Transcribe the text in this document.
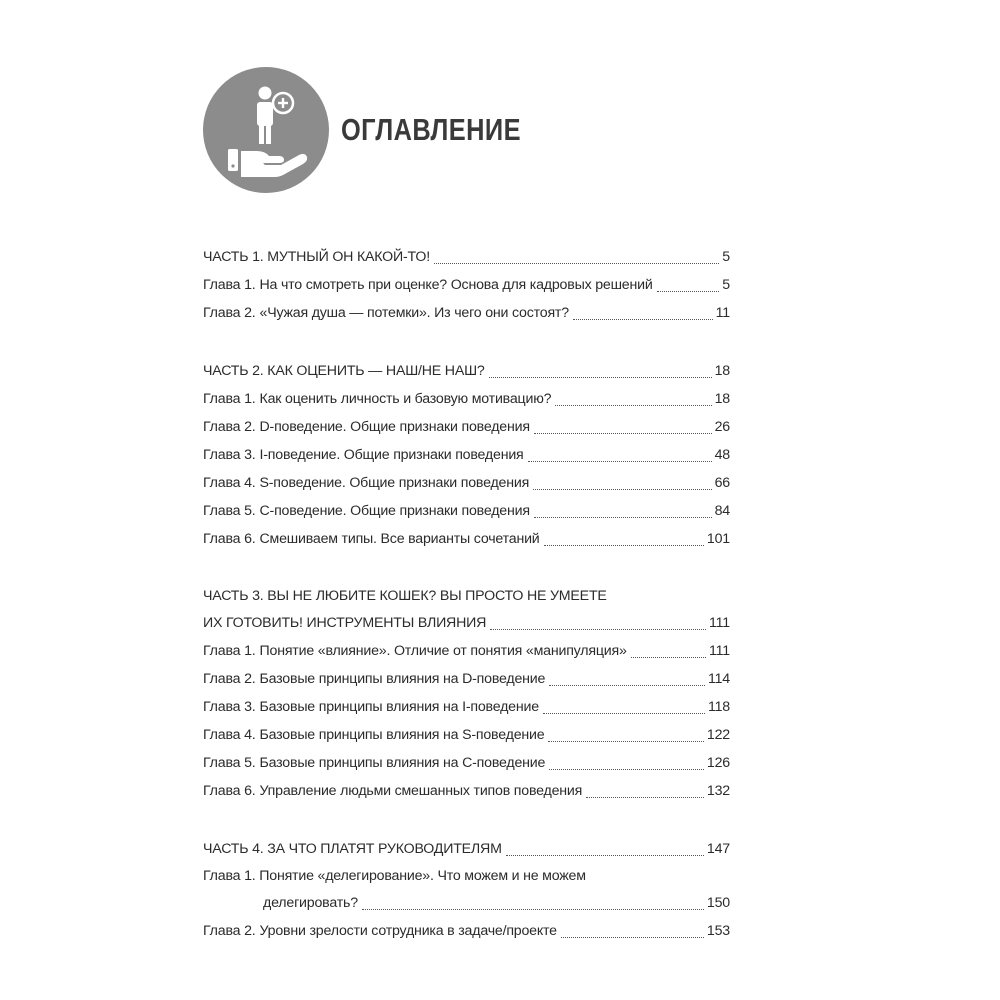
ОГЛАВЛЕНИЕ
ЧАСТЬ 1. МУТНЫЙ ОН КАКОЙ-ТО!	5
Глава 1. На что смотреть при оценке? Основа для кадровых решений	5
Глава 2. «Чужая душа — потемки». Из чего они состоят?	11
ЧАСТЬ 2. КАК ОЦЕНИТЬ — НАШ/НЕ НАШ?	18
Глава 1. Как оценить личность и базовую мотивацию?	18
Глава 2. D-поведение. Общие признаки поведения	26
Глава 3. I-поведение. Общие признаки поведения	48
Глава 4. S-поведение. Общие признаки поведения	66
Глава 5. C-поведение. Общие признаки поведения	84
Глава 6. Смешиваем типы. Все варианты сочетаний	101
ЧАСТЬ 3. ВЫ НЕ ЛЮБИТЕ КОШЕК? ВЫ ПРОСТО НЕ УМЕЕТЕ
ИХ ГОТОВИТЬ! ИНСТРУМЕНТЫ ВЛИЯНИЯ	111
Глава 1. Понятие «влияние». Отличие от понятия «манипуляция»	111
Глава 2. Базовые принципы влияния на D-поведение	114
Глава 3. Базовые принципы влияния на I-поведение	118
Глава 4. Базовые принципы влияния на S-поведение	122
Глава 5. Базовые принципы влияния на C-поведение	126
Глава 6. Управление людьми смешанных типов поведения	132
ЧАСТЬ 4. ЗА ЧТО ПЛАТЯТ РУКОВОДИТЕЛЯМ	147
Глава 1. Понятие «делегирование». Что можем и не можем
делегировать?	150
Глава 2. Уровни зрелости сотрудника в задаче/проекте	153
